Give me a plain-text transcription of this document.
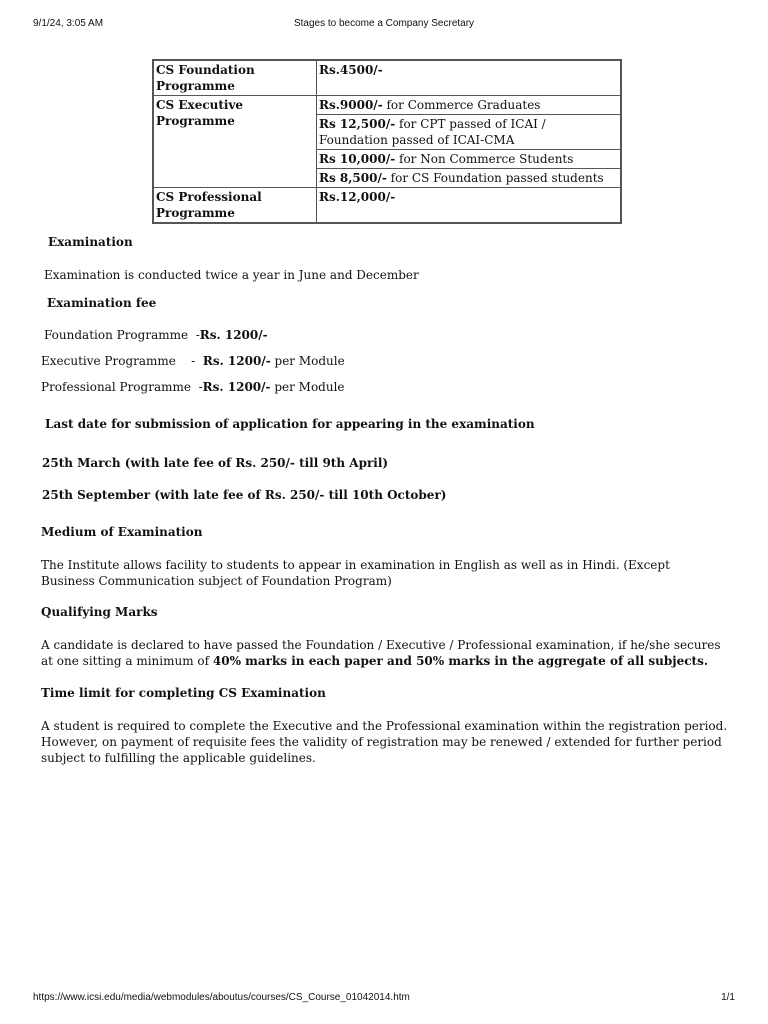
9/1/24, 3:05 AM	Stages to become a Company Secretary
CS Foundation Programme	Rs.4500/-
CS Executive Programme	Rs.9000/- for Commerce Graduates
	Rs 12,500/- for CPT passed of ICAI / Foundation passed of ICAI-CMA
	Rs 10,000/- for Non Commerce Students
	Rs 8,500/- for CS Foundation passed students
CS Professional Programme	Rs.12,000/-
Examination
Examination is conducted twice a year in June and December
Examination fee
Foundation Programme  -Rs. 1200/-
Executive Programme    -  Rs. 1200/- per Module
Professional Programme  -Rs. 1200/- per Module
Last date for submission of application for appearing in the examination
25th March (with late fee of Rs. 250/- till 9th April)
25th September (with late fee of Rs. 250/- till 10th October)
Medium of Examination
The Institute allows facility to students to appear in examination in English as well as in Hindi. (Except Business Communication subject of Foundation Program)
Qualifying Marks
A candidate is declared to have passed the Foundation / Executive / Professional examination, if he/she secures at one sitting a minimum of 40% marks in each paper and 50% marks in the aggregate of all subjects.
Time limit for completing CS Examination
A student is required to complete the Executive and the Professional examination within the registration period. However, on payment of requisite fees the validity of registration may be renewed / extended for further period subject to fulfilling the applicable guidelines.
https://www.icsi.edu/media/webmodules/aboutus/courses/CS_Course_01042014.htm	1/1
